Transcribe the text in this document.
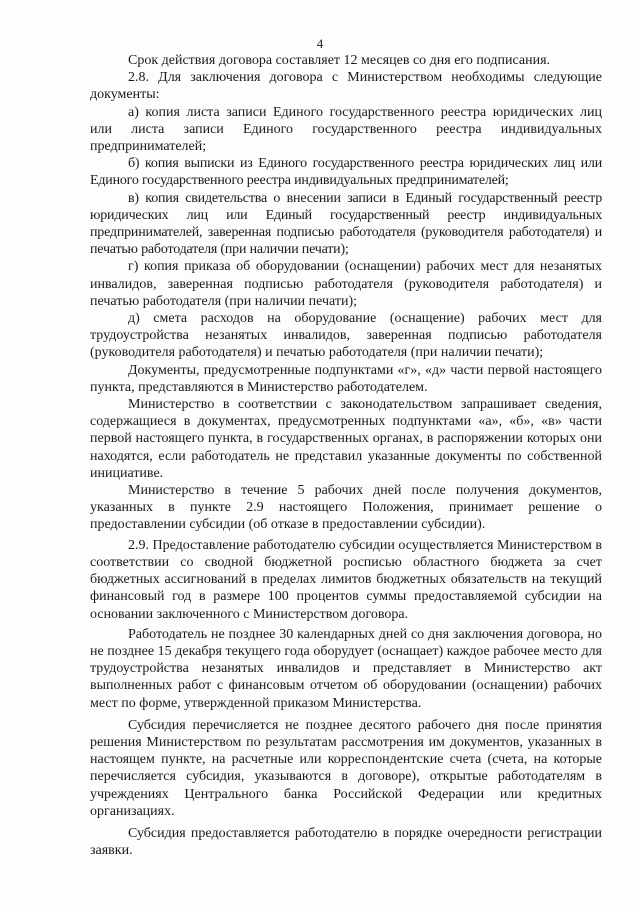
4

Срок действия договора составляет 12 месяцев со дня его подписания.

2.8. Для заключения договора с Министерством необходимы следующие документы:

а) копия листа записи Единого государственного реестра юридических лиц или листа записи Единого государственного реестра индивидуальных предпринимателей;

б) копия выписки из Единого государственного реестра юридических лиц или Единого государственного реестра индивидуальных предпринимателей;

в) копия свидетельства о внесении записи в Единый государственный реестр юридических лиц или Единый государственный реестр индивидуальных предпринимателей, заверенная подписью работодателя (руководителя работодателя) и печатью работодателя (при наличии печати);

г) копия приказа об оборудовании (оснащении) рабочих мест для незанятых инвалидов, заверенная подписью работодателя (руководителя работодателя) и печатью работодателя (при наличии печати);

д) смета расходов на оборудование (оснащение) рабочих мест для трудоустройства незанятых инвалидов, заверенная подписью работодателя (руководителя работодателя) и печатью работодателя (при наличии печати);

Документы, предусмотренные подпунктами «г», «д» части первой настоящего пункта, представляются в Министерство работодателем.

Министерство в соответствии с законодательством запрашивает сведения, содержащиеся в документах, предусмотренных подпунктами «а», «б», «в» части первой настоящего пункта, в государственных органах, в распоряжении которых они находятся, если работодатель не представил указанные документы по собственной инициативе.

Министерство в течение 5 рабочих дней после получения документов, указанных в пункте 2.9 настоящего Положения, принимает решение о предоставлении субсидии (об отказе в предоставлении субсидии).

2.9. Предоставление работодателю субсидии осуществляется Министерством в соответствии со сводной бюджетной росписью областного бюджета за счет бюджетных ассигнований в пределах лимитов бюджетных обязательств на текущий финансовый год в размере 100 процентов суммы предоставляемой субсидии на основании заключенного с Министерством договора.

Работодатель не позднее 30 календарных дней со дня заключения договора, но не позднее 15 декабря текущего года оборудует (оснащает) каждое рабочее место для трудоустройства незанятых инвалидов и представляет в Министерство акт выполненных работ с финансовым отчетом об оборудовании (оснащении) рабочих мест по форме, утвержденной приказом Министерства.

Субсидия перечисляется не позднее десятого рабочего дня после принятия решения Министерством по результатам рассмотрения им документов, указанных в настоящем пункте, на расчетные или корреспондентские счета (счета, на которые перечисляется субсидия, указываются в договоре), открытые работодателям в учреждениях Центрального банка Российской Федерации или кредитных организациях.

Субсидия предоставляется работодателю в порядке очередности регистрации заявки.
